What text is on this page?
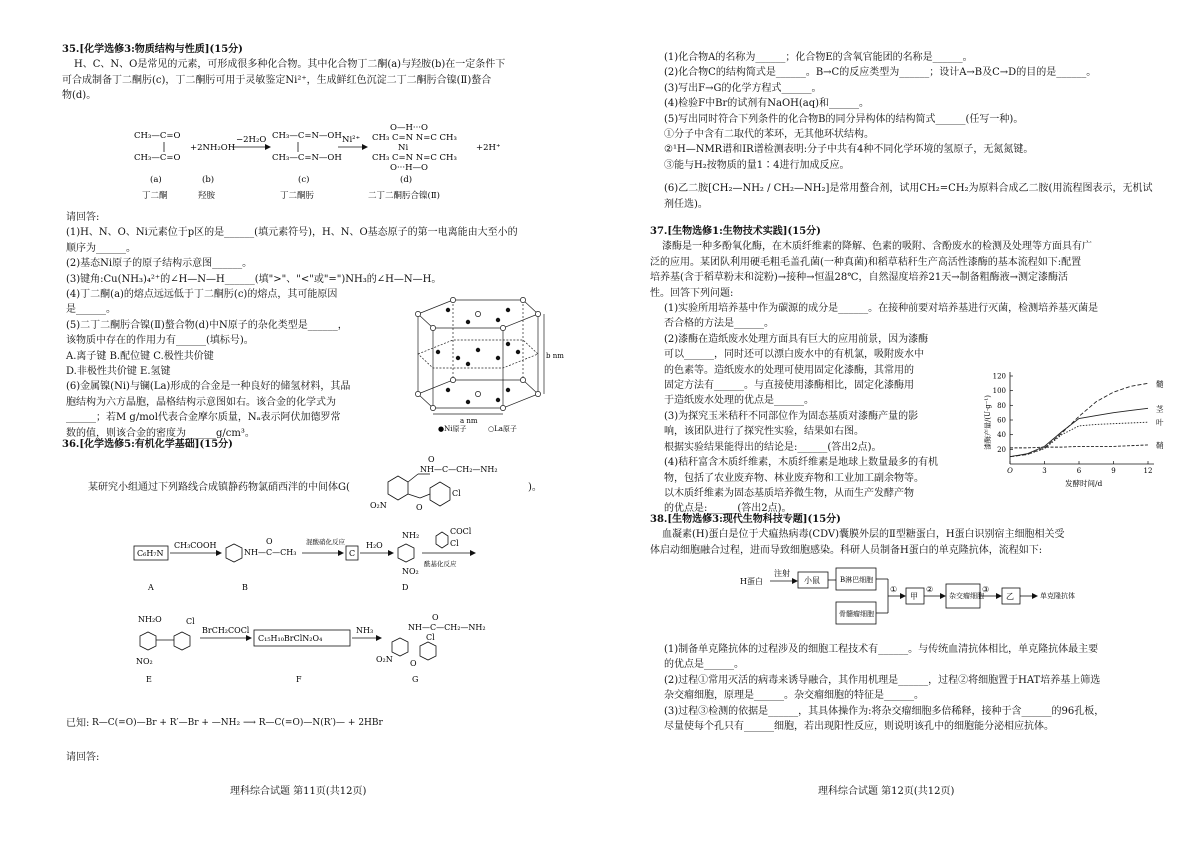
35.[化学选修3:物质结构与性质](15分)
H、C、N、O是常见的元素，可形成很多种化合物。其中化合物丁二酮(a)与羟胺(b)在一定条件下
可合成制备丁二酮肟(c)，丁二酮肟可用于灵敏鉴定Ni²⁺，生成鲜红色沉淀二丁二酮肟合镍(Ⅱ)螯合
物(d)。
CH₃—C=O
CH₃—C=O
+2NH₂OH
−2H₂O CH₃—C=N—OH
CH₃—C=N—OH
Ni²⁺
O—H···O
CH₃ C=N N=C CH₃
Ni
CH₃ C=N N=C CH₃
O···H—O
+2H⁺
(a)	(b)	(c)	(d)
丁二酮	羟胺	丁二酮肟	二丁二酮肟合镍(Ⅱ)
请回答:
(1)H、N、O、Ni元素位于p区的是______(填元素符号)，H、N、O基态原子的第一电离能由大至小的
顺序为______。
(2)基态Ni原子的原子结构示意图______。
(3)键角:Cu(NH₃)₄²⁺的∠H—N—H______(填">"、"<"或"=")NH₃的∠H—N—H。
(4)丁二酮(a)的熔点远远低于丁二酮肟(c)的熔点，其可能原因
是______。
(5)二丁二酮肟合镍(Ⅱ)螯合物(d)中N原子的杂化类型是______，
该物质中存在的作用力有______(填标号)。
A.离子键 B.配位键 C.极性共价键
D.非极性共价键 E.氢键
(6)金属镍(Ni)与镧(La)形成的合金是一种良好的储氢材料，其晶
胞结构为六方晶胞，晶格结构示意图如右。该合金的化学式为
______；若M g/mol代表合金摩尔质量，Nₐ表示阿伏加德罗常
数的值，则该合金的密度为______g/cm³。
b nm
a nm
●Ni原子	○La原子
36.[化学选修5:有机化学基础](15分)
某研究小组通过下列路线合成镇静药物氯硝西泮的中间体G(
NH—C—CH₂—NH₂
O
Cl
O₂N	O
)。
C₆H₇N
CH₃COOH
NH—C—CH₃
O	混酸硝化反应
C
H₂O
NH₂
NO₂
酰基化反应
COCl
Cl
A	B	D
NH₂O	Cl
NO₂
BrCH₂COCl
C₁₅H₁₀BrClN₂O₄
NH₃	NH—C—CH₂—NH₂
O
Cl
O₂N O
E	F	G
已知: R—C(=O)—Br + R′—Br + —NH₂ ⟶ R—C(=O)—N(R′)— + 2HBr
请回答:
理科综合试题 第11页(共12页)
(1)化合物A的名称为______；化合物E的含氧官能团的名称是______。
(2)化合物C的结构简式是______。B→C的反应类型为______；设计A→B及C→D的目的是______。
(3)写出F→G的化学方程式______。
(4)检验F中Br的试剂有NaOH(aq)和______。
(5)写出同时符合下列条件的化合物B的同分异构体的结构简式______(任写一种)。
①分子中含有二取代的苯环，无其他环状结构。
②¹H—NMR谱和IR谱检测表明:分子中共有4种不同化学环境的氢原子，无氮氮键。
③能与H₂按物质的量1∶4进行加成反应。
(6)乙二胺[CH₂—NH₂ / CH₂—NH₂]是常用螯合剂，试用CH₂=CH₂为原料合成乙二胺(用流程图表示，无机试
剂任选)。
37.[生物选修1:生物技术实践](15分)
漆酶是一种多酚氧化酶，在木质纤维素的降解、色素的吸附、含酚废水的检测及处理等方面具有广
泛的应用。某团队利用硬毛粗毛盖孔菌(一种真菌)和稻草秸秆生产高活性漆酶的基本流程如下:配置
培养基(含于稻草粉末和淀粉)→接种→恒温28℃，自然湿度培养21天→制备粗酶液→测定漆酶活
性。回答下列问题:
(1)实验所用培养基中作为碳源的成分是______。在接种前要对培养基进行灭菌，检测培养基灭菌是
否合格的方法是______。
(2)漆酶在造纸废水处理方面具有巨大的应用前景，因为漆酶
可以______，同时还可以漂白废水中的有机氯，吸附废水中
的色素等。造纸废水的处理可使用固定化漆酶，其常用的
固定方法有______。与直接使用漆酶相比，固定化漆酶用
于造纸废水处理的优点是______。
(3)为探究玉米秸秆不同部位作为固态基质对漆酶产量的影
响，该团队进行了探究性实验，结果如右图。
根据实验结果能得出的结论是:______(答出2点)。
(4)秸秆富含木质纤维素，木质纤维素是地球上数量最多的有机
物，包括了农业废弃物、林业废弃物和工业加工副余物等。
以木质纤维素为固态基质培养微生物，从而生产发酵产物
的优点是:______(答出2点)。
20
40
60
80
100
120
O	3	6	9	12
髓
茎
叶
鞘
漆酶产量/(U·g⁻¹)
发酵时间/d
38.[生物选修3:现代生物科技专题](15分)
血凝素(H)蛋白是位于犬瘟热病毒(CDV)囊膜外层的Ⅱ型糖蛋白，H蛋白识别宿主细胞相关受
体启动细胞融合过程，进而导致细胞感染。科研人员制备H蛋白的单克隆抗体，流程如下:
H蛋白
注射
小鼠	B淋巴细胞
骨髓瘤细胞
①
甲
②
杂交瘤细胞
③
乙	单克隆抗体
(1)制备单克隆抗体的过程涉及的细胞工程技术有______。与传统血清抗体相比，单克隆抗体最主要
的优点是______。
(2)过程①常用灭活的病毒来诱导融合，其作用机理是______，过程②将细胞置于HAT培养基上筛选
杂交瘤细胞，原理是______。杂交瘤细胞的特征是______。
(3)过程③检测的依据是______，其具体操作为:将杂交瘤细胞多倍稀释，接种于含______的96孔板，
尽量使每个孔只有______细胞，若出现阳性反应，则说明该孔中的细胞能分泌相应抗体。
理科综合试题 第12页(共12页)
